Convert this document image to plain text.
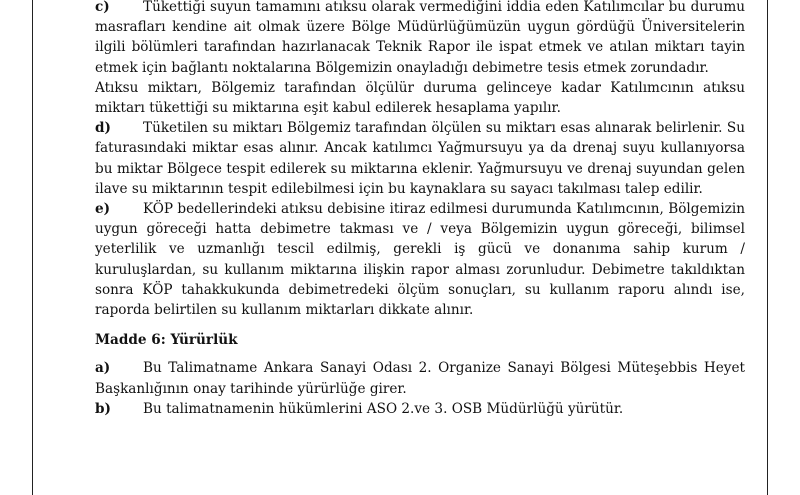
c) Tükettiği suyun tamamını atıksu olarak vermediğini iddia eden Katılımcılar bu durumu masrafları kendine ait olmak üzere Bölge Müdürlüğümüzün uygun gördüğü Üniversitelerin ilgili bölümleri tarafından hazırlanacak Teknik Rapor ile ispat etmek ve atılan miktarı tayin etmek için bağlantı noktalarına Bölgemizin onayladığı debimetre tesis etmek zorundadır.
Atıksu miktarı, Bölgemiz tarafından ölçülür duruma gelinceye kadar Katılımcının atıksu miktarı tükettiği su miktarına eşit kabul edilerek hesaplama yapılır.

d) Tüketilen su miktarı Bölgemiz tarafından ölçülen su miktarı esas alınarak belirlenir. Su faturasındaki miktar esas alınır. Ancak katılımcı Yağmursuyu ya da drenaj suyu kullanıyorsa bu miktar Bölgece tespit edilerek su miktarına eklenir. Yağmursuyu ve drenaj suyundan gelen ilave su miktarının tespit edilebilmesi için bu kaynaklara su sayacı takılması talep edilir.

e) KÖP bedellerindeki atıksu debisine itiraz edilmesi durumunda Katılımcının, Bölgemizin uygun göreceği hatta debimetre takması ve / veya Bölgemizin uygun göreceği, bilimsel yeterlilik ve uzmanlığı tescil edilmiş, gerekli iş gücü ve donanıma sahip kurum / kuruluşlardan, su kullanım miktarına ilişkin rapor alması zorunludur. Debimetre takıldıktan sonra KÖP tahakkukunda debimetredeki ölçüm sonuçları, su kullanım raporu alındı ise, raporda belirtilen su kullanım miktarları dikkate alınır.

Madde 6: Yürürlük

a) Bu Talimatname Ankara Sanayi Odası 2. Organize Sanayi Bölgesi Müteşebbis Heyet Başkanlığının onay tarihinde yürürlüğe girer.

b) Bu talimatnamenin hükümlerini ASO 2.ve 3. OSB Müdürlüğü yürütür.
